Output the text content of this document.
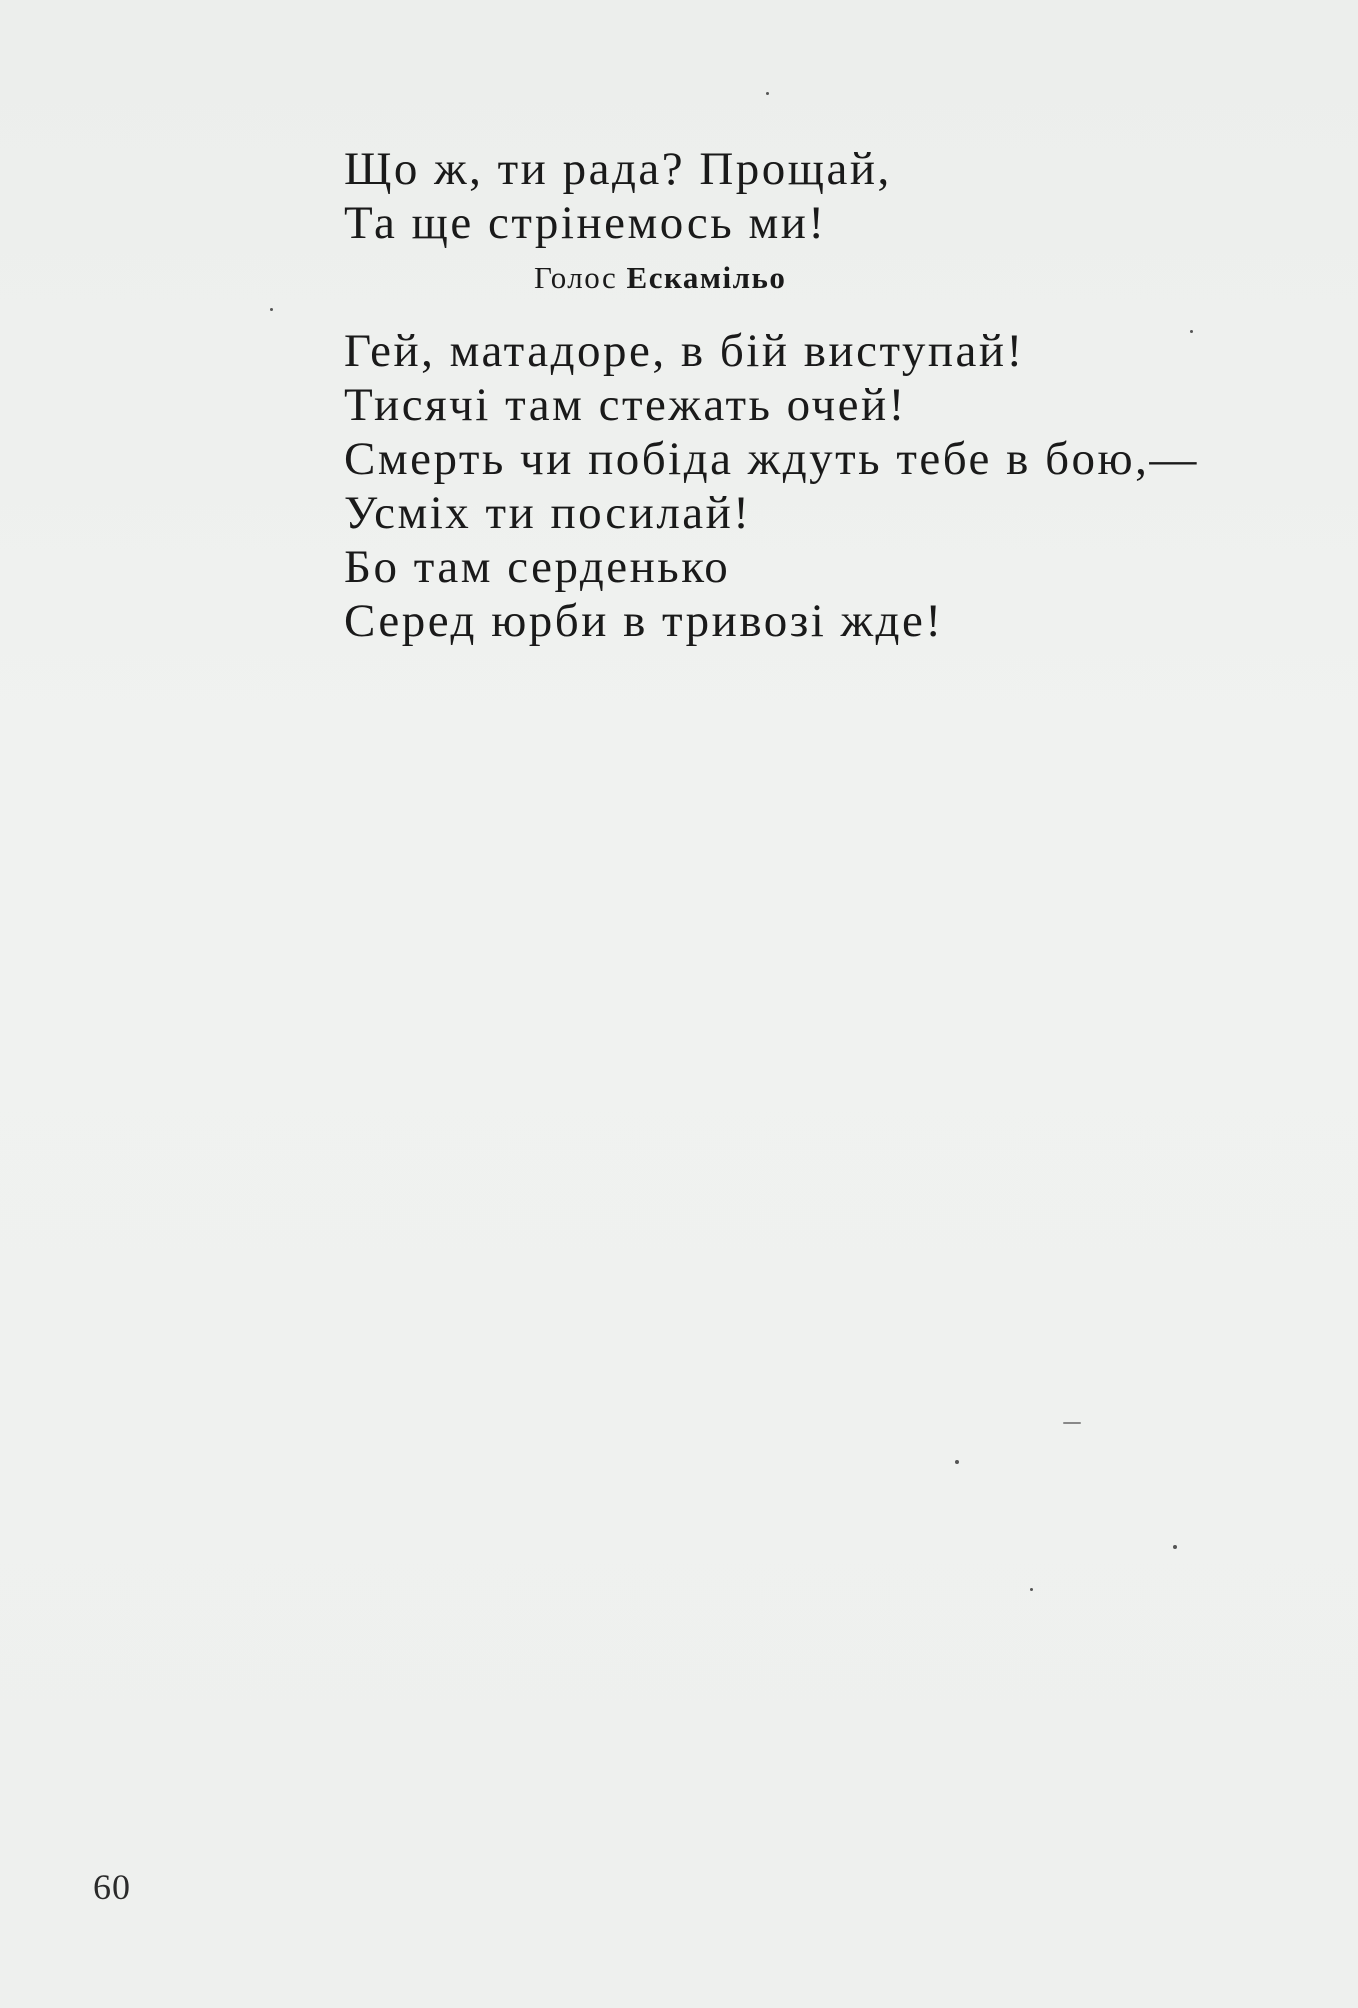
Що ж, ти рада? Прощай,
Та ще стрінемось ми!
Голос Ескамільо
Гей, матадоре, в бій виступай!
Тисячі там стежать очей!
Смерть чи побіда ждуть тебе в бою,—
Усміх ти посилай!
Бо там серденько
Серед юрби в тривозі жде!
60
